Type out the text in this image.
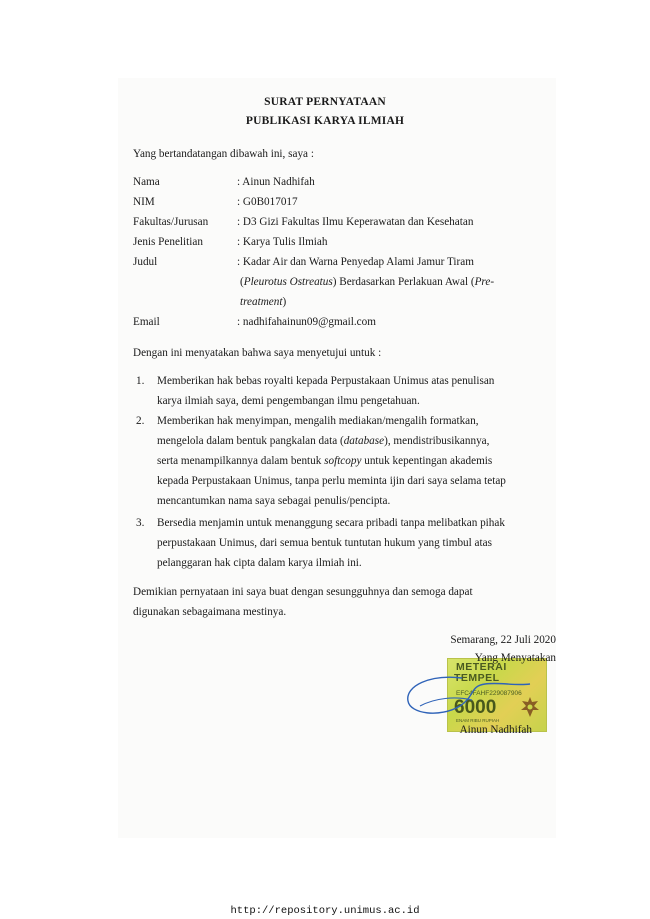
SURAT PERNYATAAN
PUBLIKASI KARYA ILMIAH
Yang bertandatangan dibawah ini, saya :
Nama	: Ainun Nadhifah
NIM	: G0B017017
Fakultas/Jurusan	: D3 Gizi Fakultas Ilmu Keperawatan dan Kesehatan
Jenis Penelitian	: Karya Tulis Ilmiah
Judul	: Kadar Air dan Warna Penyedap Alami Jamur Tiram
(Pleurotus Ostreatus) Berdasarkan Perlakuan Awal (Pre-
treatment)
Email	: nadhifahainun09@gmail.com
Dengan ini menyatakan bahwa saya menyetujui untuk :
1. Memberikan hak bebas royalti kepada Perpustakaan Unimus atas penulisan
karya ilmiah saya, demi pengembangan ilmu pengetahuan.
2. Memberikan hak menyimpan, mengalih mediakan/mengalih formatkan,
mengelola dalam bentuk pangkalan data (database), mendistribusikannya,
serta menampilkannya dalam bentuk softcopy untuk kepentingan akademis
kepada Perpustakaan Unimus, tanpa perlu meminta ijin dari saya selama tetap
mencantumkan nama saya sebagai penulis/pencipta.
3. Bersedia menjamin untuk menanggung secara pribadi tanpa melibatkan pihak
perpustakaan Unimus, dari semua bentuk tuntutan hukum yang timbul atas
pelanggaran hak cipta dalam karya ilmiah ini.
Demikian pernyataan ini saya buat dengan sesungguhnya dan semoga dapat
digunakan sebagaimana mestinya.
Semarang, 22 Juli 2020
METERAI
TEMPEL
EFC4FAHF229087906
6000
ENAM RIBU RUPIAH
Yang Menyatakan
Ainun Nadhifah
http://repository.unimus.ac.id
